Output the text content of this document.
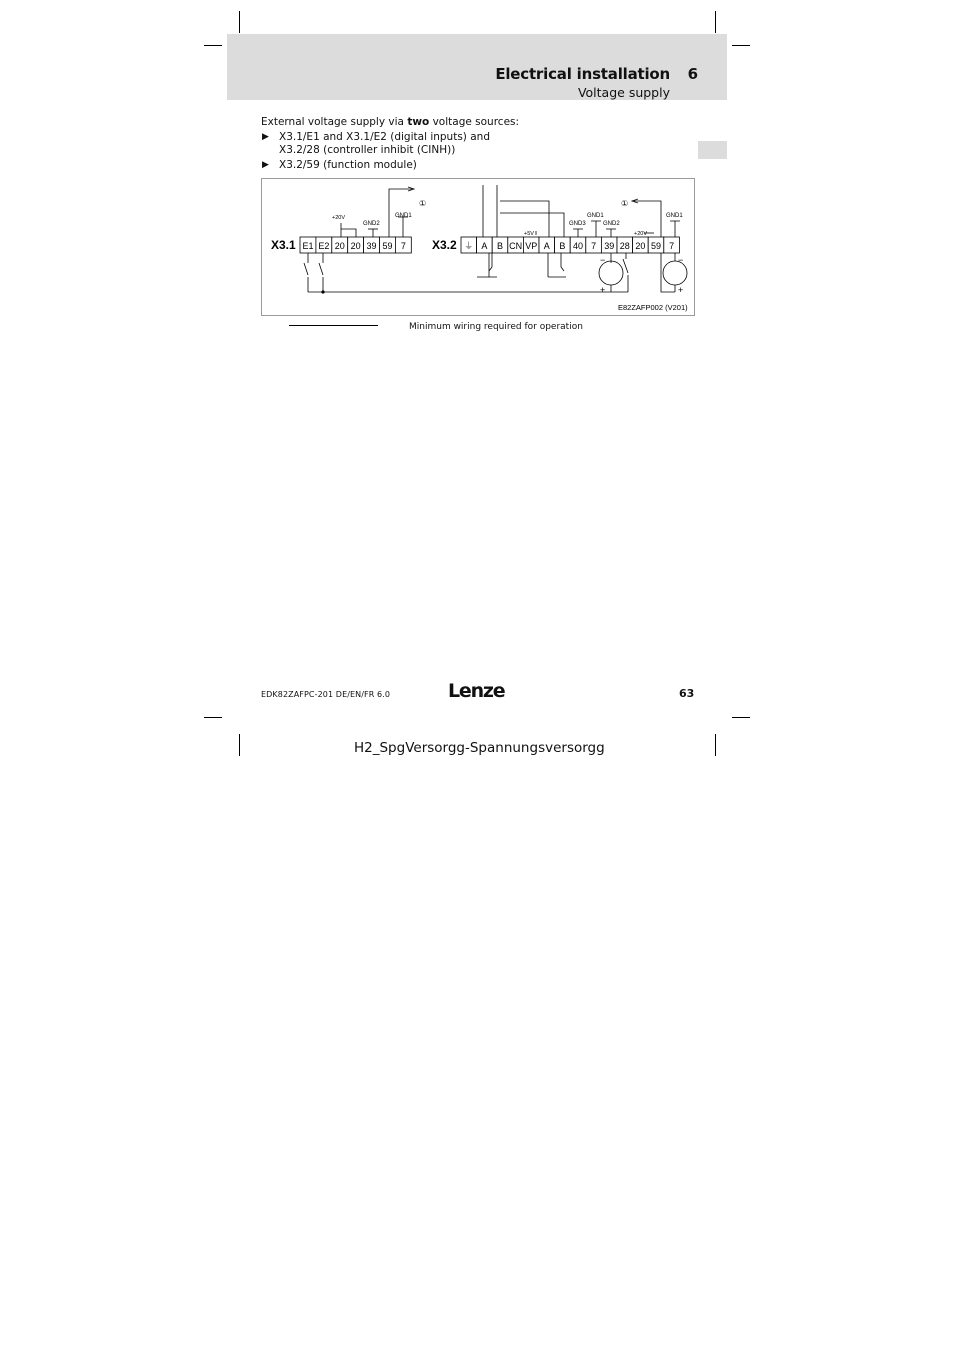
Electrical installation 6
Voltage supply
External voltage supply via two voltage sources:
▶ X3.1/E1 and X3.1/E2 (digital inputs) and
X3.2/28 (controller inhibit (CINH))
▶ X3.2/59 (function module)
X3.1 E1 E2 20 20 39 59 7
+20V
GND2
GND1
①
X3.2 ⏚ A B CN VP A B 40 7 39 28 20 59 7
+5V
GND3
GND1
GND2
+20V
GND1
①
−
+
−
+
E82ZAFP002 (V201)
Minimum wiring required for operation
EDK82ZAFPC-201 DE/EN/FR 6.0	Lenze	63
H2_SpgVersorgg-Spannungsversorgg
